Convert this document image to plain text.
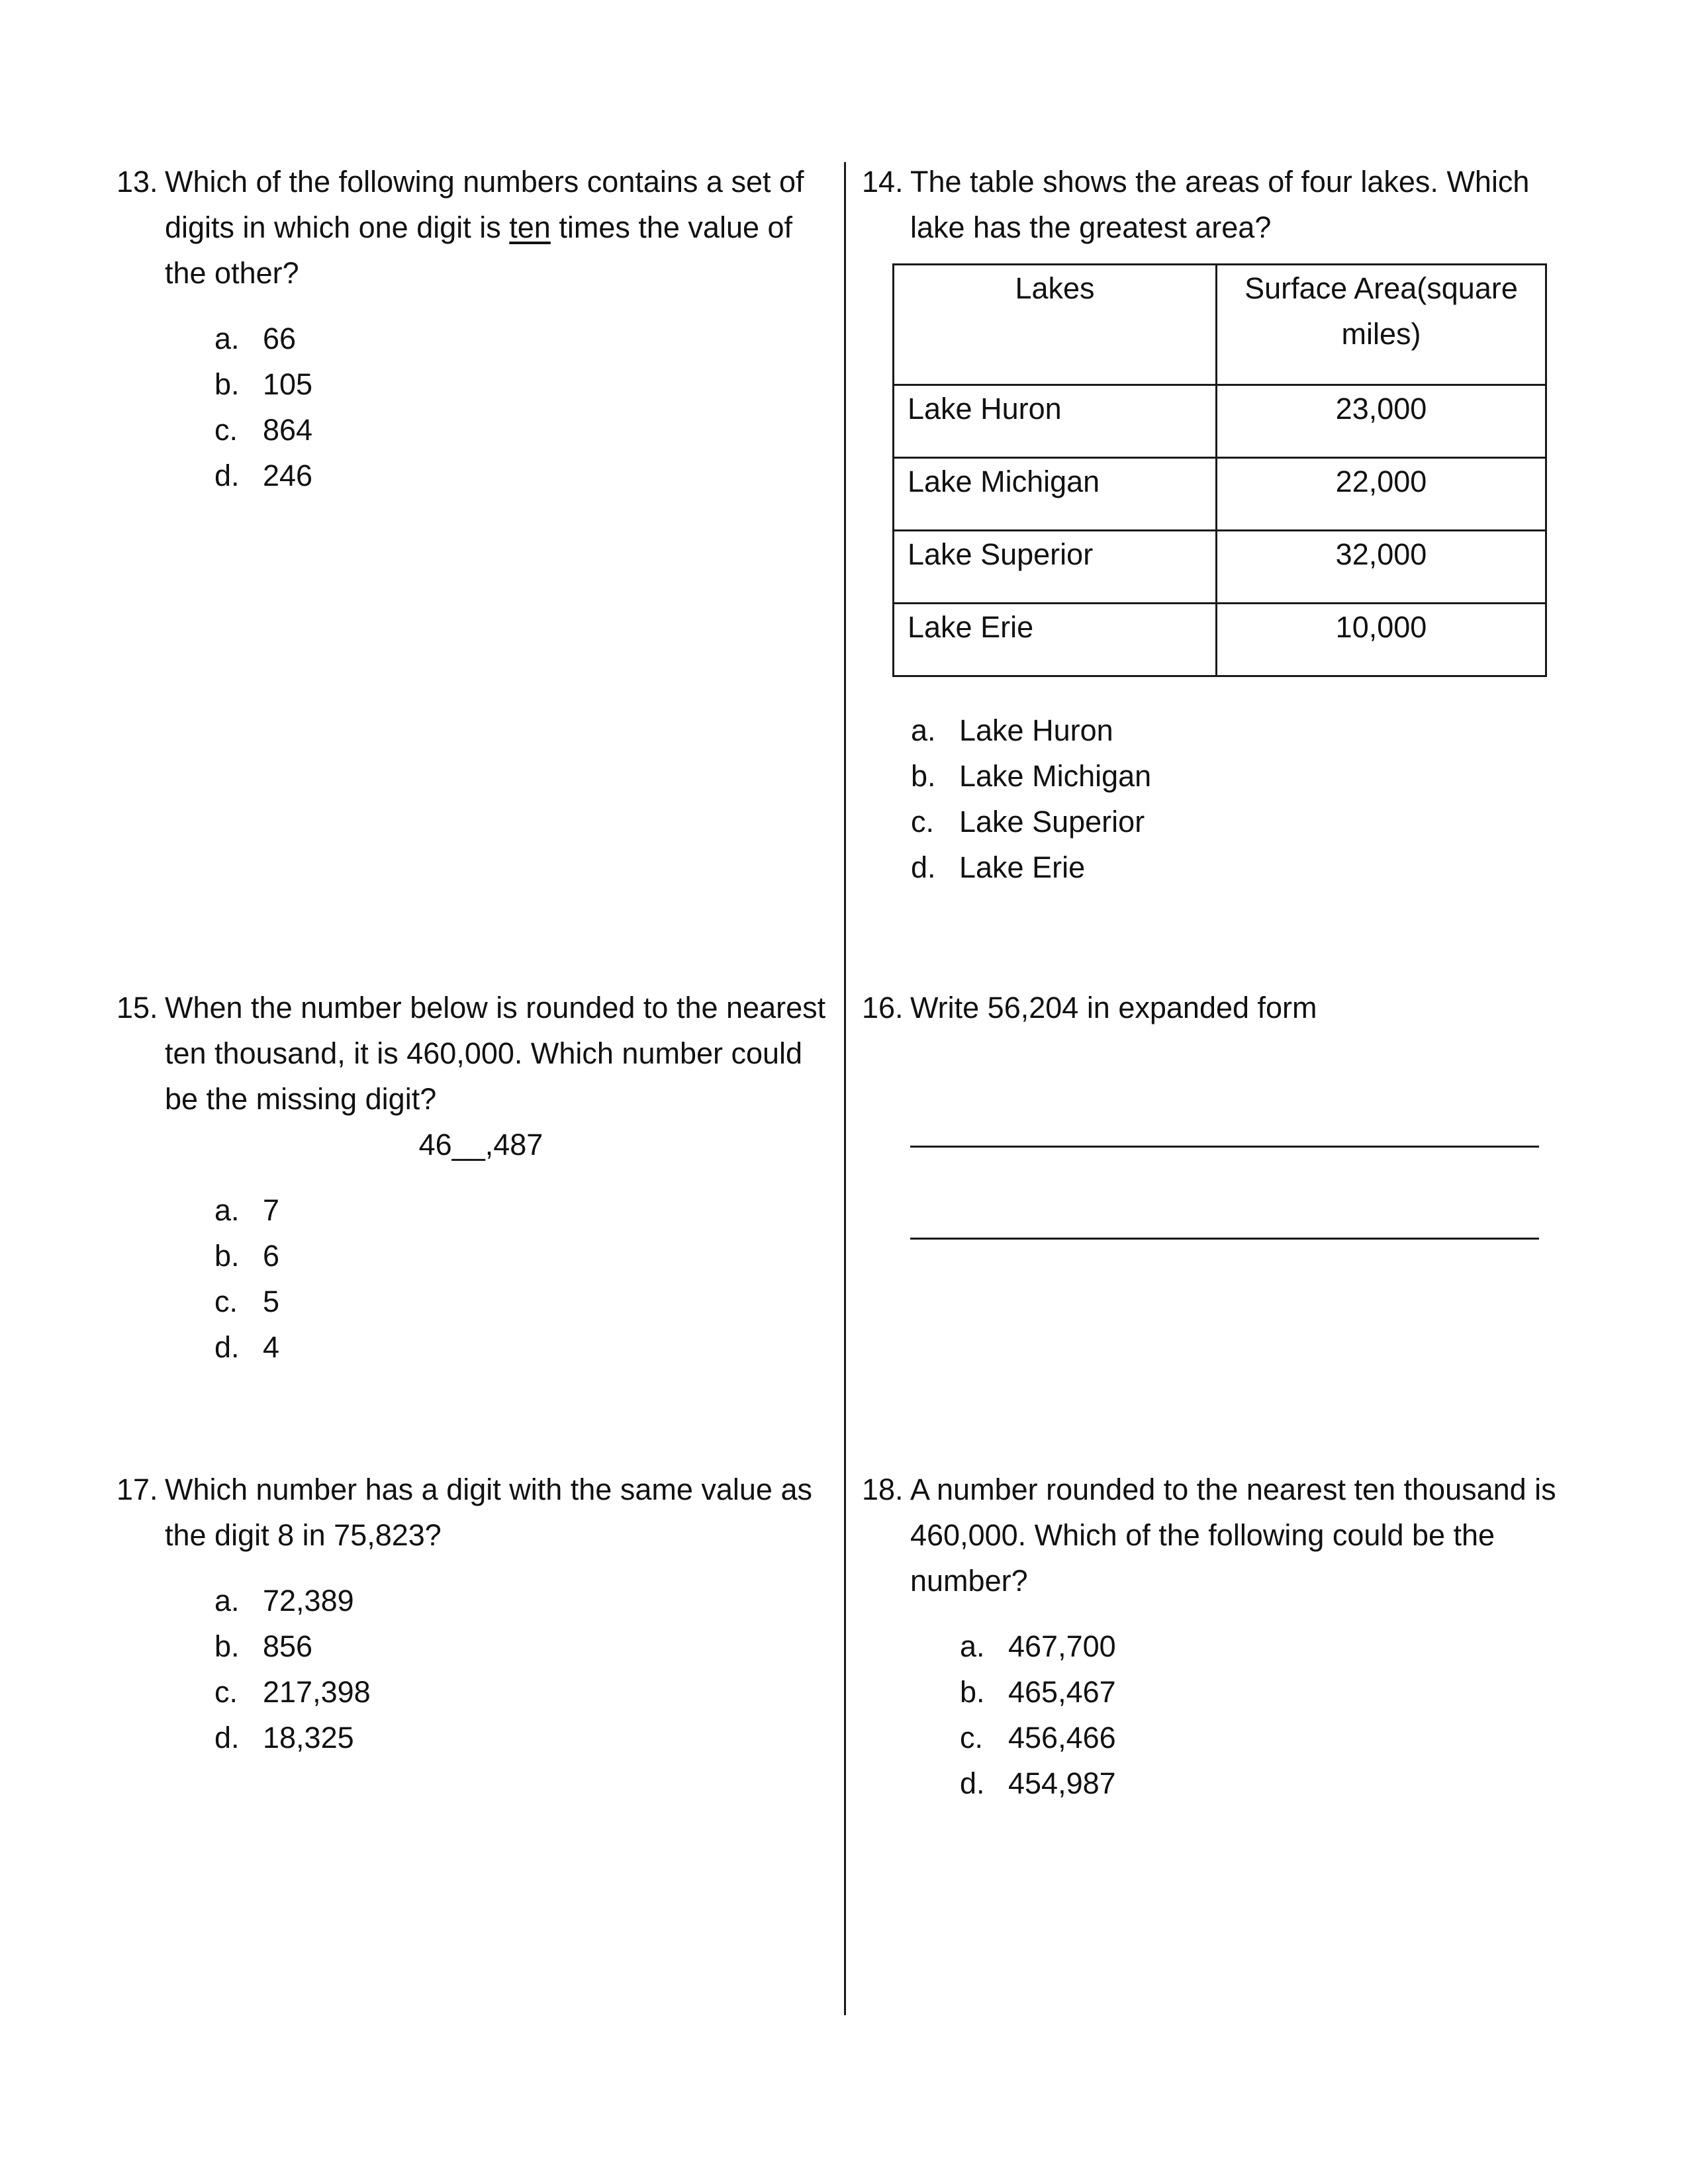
13. Which of the following numbers contains a set of digits in which one digit is ten times the value of the other?
a. 66
b. 105
c. 864
d. 246
14. The table shows the areas of four lakes. Which lake has the greatest area?
Lakes	Surface Area(square miles)
Lake Huron	23,000
Lake Michigan	22,000
Lake Superior	32,000
Lake Erie	10,000
a. Lake Huron
b. Lake Michigan
c. Lake Superior
d. Lake Erie
15. When the number below is rounded to the nearest ten thousand, it is 460,000. Which number could be the missing digit?
46__,487
a. 7
b. 6
c. 5
d. 4
16. Write 56,204 in expanded form
17. Which number has a digit with the same value as the digit 8 in 75,823?
a. 72,389
b. 856
c. 217,398
d. 18,325
18. A number rounded to the nearest ten thousand is 460,000. Which of the following could be the number?
a. 467,700
b. 465,467
c. 456,466
d. 454,987
